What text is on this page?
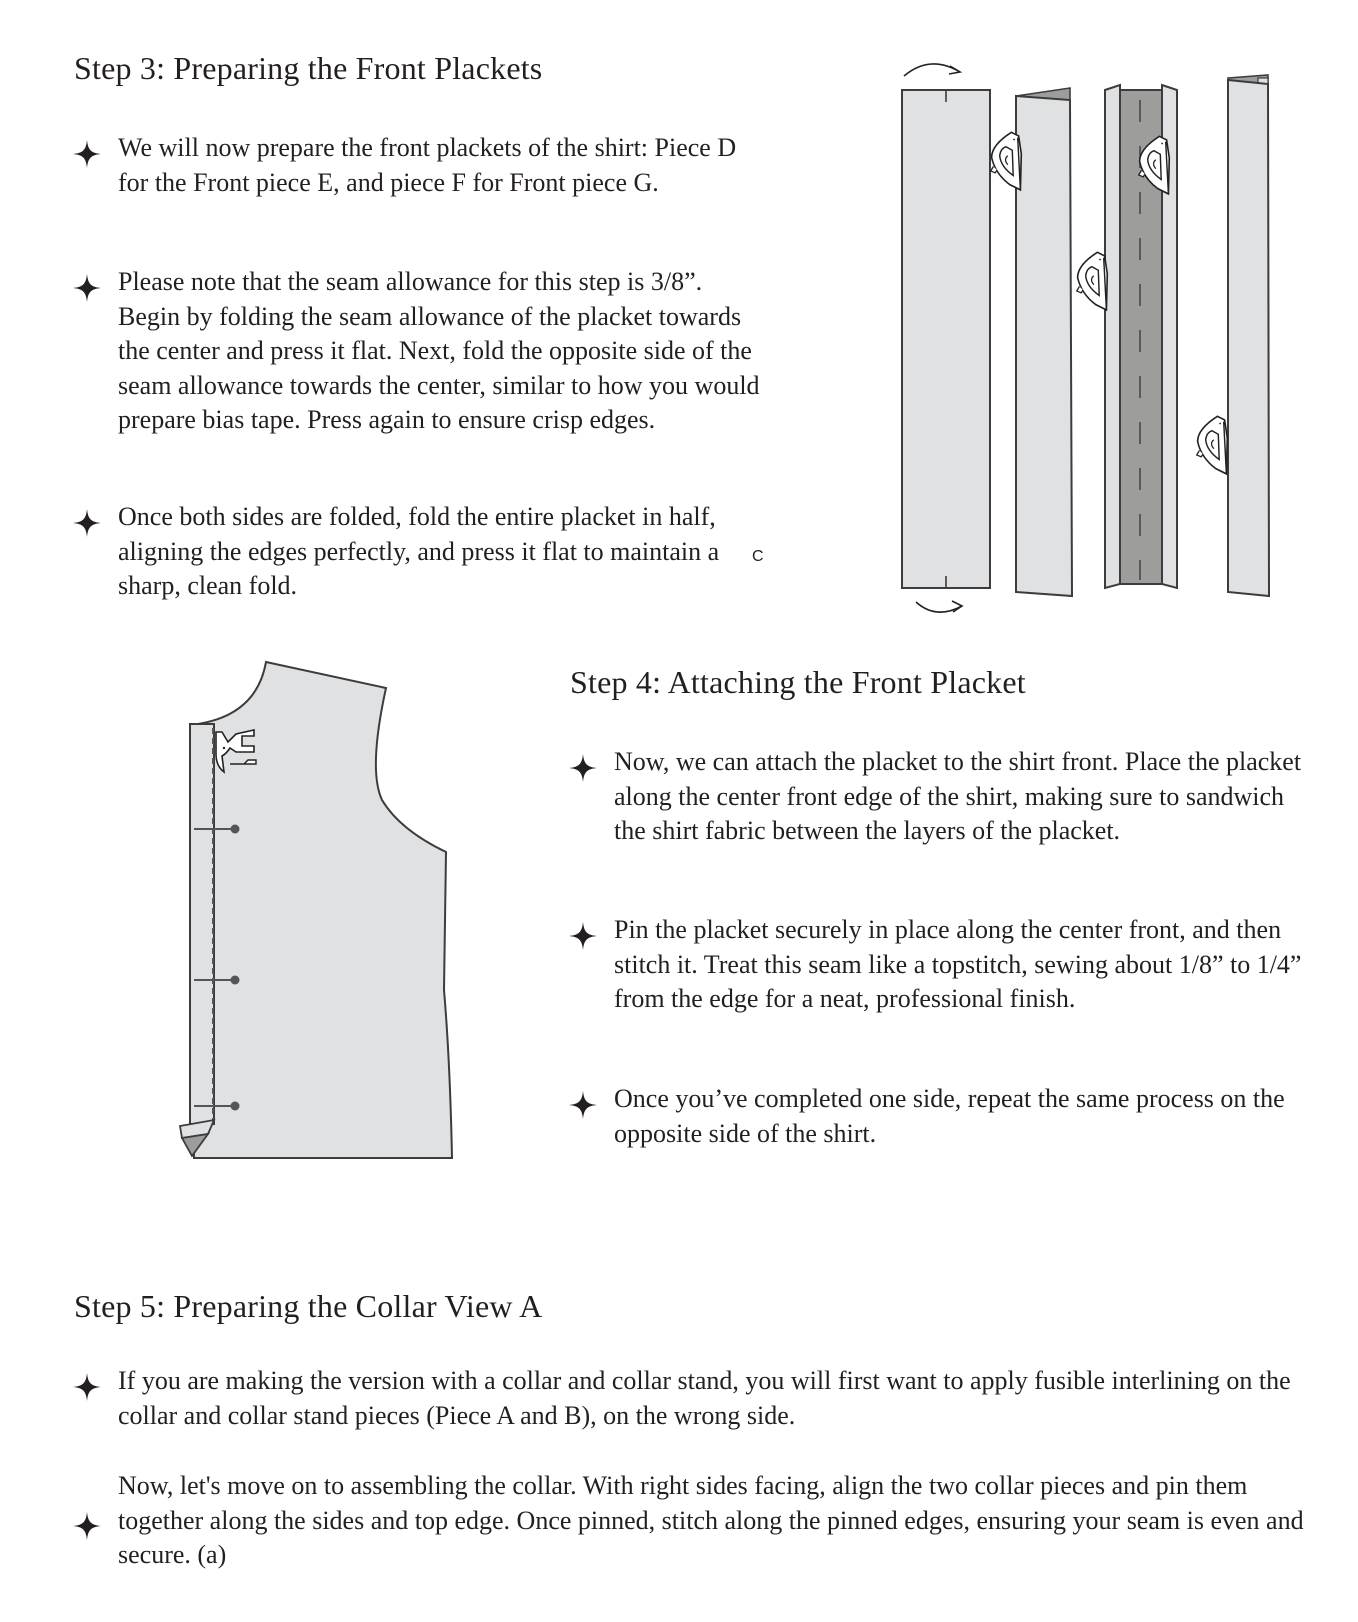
Step 3: Preparing the Front Plackets
We will now prepare the front plackets of the shirt: Piece D for the Front piece E, and piece F for Front piece G.
Please note that the seam allowance for this step is 3/8”. Begin by folding the seam allowance of the placket towards the center and press it flat. Next, fold the opposite side of the seam allowance towards the center, similar to how you would prepare bias tape. Press again to ensure crisp edges.
Once both sides are folded, fold the entire placket in half, aligning the edges perfectly, and press it flat to maintain a sharp, clean fold.
C
Step 4: Attaching the Front Placket
Now, we can attach the placket to the shirt front. Place the placket along the center front edge of the shirt, making sure to sandwich the shirt fabric between the layers of the placket.
Pin the placket securely in place along the center front, and then stitch it. Treat this seam like a topstitch, sewing about 1/8” to 1/4” from the edge for a neat, professional finish.
Once you’ve completed one side, repeat the same process on the opposite side of the shirt.
Step 5: Preparing the Collar View A
If you are making the version with a collar and collar stand, you will first want to apply fusible interlining on the collar and collar stand pieces (Piece A and B), on the wrong side.
Now, let's move on to assembling the collar. With right sides facing, align the two collar pieces and pin them together along the sides and top edge. Once pinned, stitch along the pinned edges, ensuring your seam is even and secure. (a)
